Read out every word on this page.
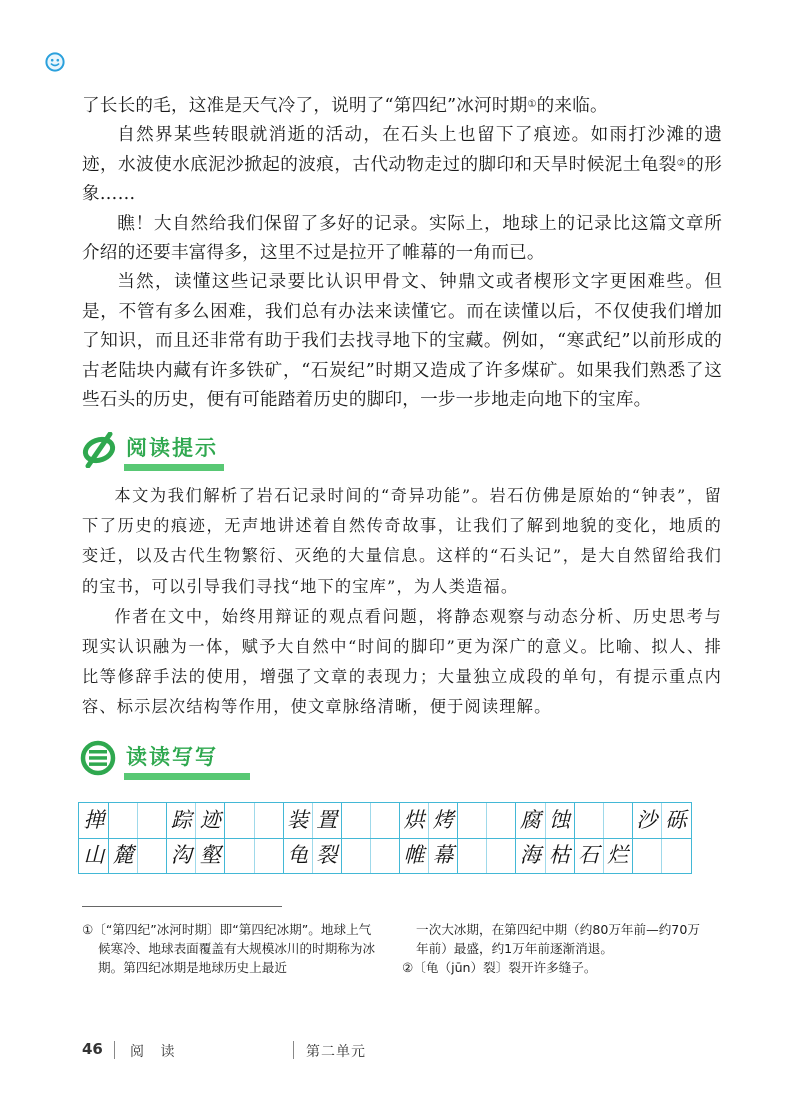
了长长的毛，这准是天气冷了，说明了“第四纪”冰河时期①的来临。

自然界某些转眼就消逝的活动，在石头上也留下了痕迹。如雨打沙滩的遗迹，水波使水底泥沙掀起的波痕，古代动物走过的脚印和天旱时候泥土龟裂②的形象……

瞧！大自然给我们保留了多好的记录。实际上，地球上的记录比这篇文章所介绍的还要丰富得多，这里不过是拉开了帷幕的一角而已。

当然，读懂这些记录要比认识甲骨文、钟鼎文或者楔形文字更困难些。但是，不管有多么困难，我们总有办法来读懂它。而在读懂以后，不仅使我们增加了知识，而且还非常有助于我们去找寻地下的宝藏。例如，“寒武纪”以前形成的古老陆块内藏有许多铁矿，“石炭纪”时期又造成了许多煤矿。如果我们熟悉了这些石头的历史，便有可能踏着历史的脚印，一步一步地走向地下的宝库。

阅读提示

本文为我们解析了岩石记录时间的“奇异功能”。岩石仿佛是原始的“钟表”，留下了历史的痕迹，无声地讲述着自然传奇故事，让我们了解到地貌的变化，地质的变迁，以及古代生物繁衍、灭绝的大量信息。这样的“石头记”，是大自然留给我们的宝书，可以引导我们寻找“地下的宝库”，为人类造福。

作者在文中，始终用辩证的观点看问题，将静态观察与动态分析、历史思考与现实认识融为一体，赋予大自然中“时间的脚印”更为深广的意义。比喻、拟人、排比等修辞手法的使用，增强了文章的表现力；大量独立成段的单句，有提示重点内容、标示层次结构等作用，使文章脉络清晰，便于阅读理解。

读读写写
掸	踪 迹	装 置	烘 烤	腐 蚀	沙 砾
山 麓	沟 壑	龟 裂	帷 幕	海 枯 石 烂

①〔“第四纪”冰河时期〕即“第四纪冰期”。地球上气候寒冷、地球表面覆盖有大规模冰川的时期称为冰期。第四纪冰期是地球历史上最近

一次大冰期，在第四纪中期（约80万年前—约70万年前）最盛，约1万年前逐渐消退。

②〔龟（jūn）裂〕裂开许多缝子。

46 阅 读	第二单元
